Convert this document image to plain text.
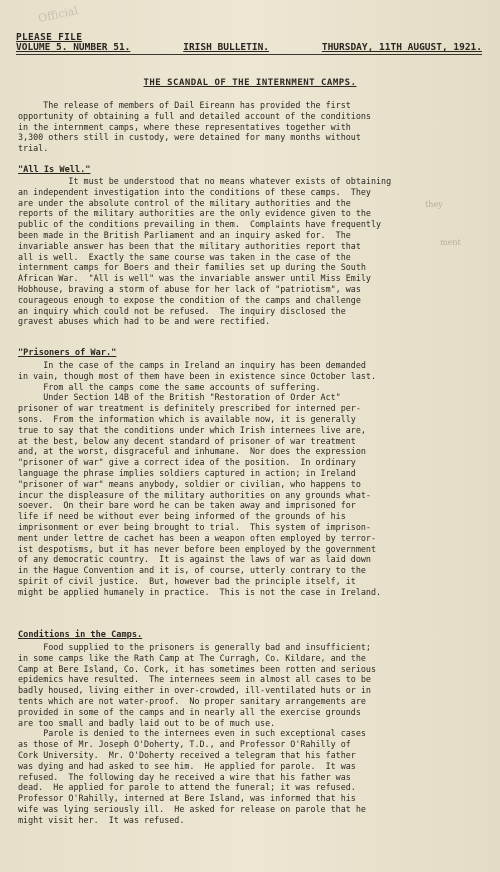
Official
PLEASE FILE
VOLUME 5. NUMBER 51.	IRISH BULLETIN.	THURSDAY, 11TH AUGUST, 1921.
THE SCANDAL OF THE INTERNMENT CAMPS.
The release of members of Dail Eireann has provided the first
opportunity of obtaining a full and detailed account of the conditions
in the internment camps, where these representatives together with
3,300 others still in custody, were detained for many months without
trial.
"All Is Well."
It must be understood that no means whatever exists of obtaining
an independent investigation into the conditions of these camps.  They
are under the absolute control of the military authorities and the
reports of the military authorities are the only evidence given to the
public of the conditions prevailing in them.  Complaints have frequently
been made in the British Parliament and an inquiry asked for.  The
invariable answer has been that the military authorities report that
all is well.  Exactly the same course was taken in the case of the
internment camps for Boers and their families set up during the South
African War.  "All is well" was the invariable answer until Miss Emily
Hobhouse, braving a storm of abuse for her lack of "patriotism", was
courageous enough to expose the condition of the camps and challenge
an inquiry which could not be refused.  The inquiry disclosed the
gravest abuses which had to be and were rectified.
they
ment
"Prisoners of War."
In the case of the camps in Ireland an inquiry has been demanded
in vain, though most of them have been in existence since October last.
From all the camps come the same accounts of suffering.
Under Section 14B of the British "Restoration of Order Act"
prisoner of war treatment is definitely prescribed for interned per-
sons.  From the information which is available now, it is generally
true to say that the conditions under which Irish internees live are,
at the best, below any decent standard of prisoner of war treatment
and, at the worst, disgraceful and inhumane.  Nor does the expression
"prisoner of war" give a correct idea of the position.  In ordinary
language the phrase implies soldiers captured in action; in Ireland
"prisoner of war" means anybody, soldier or civilian, who happens to
incur the displeasure of the military authorities on any grounds what-
soever.  On their bare word he can be taken away and imprisoned for
life if need be without ever being informed of the grounds of his
imprisonment or ever being brought to trial.  This system of imprison-
ment under lettre de cachet has been a weapon often employed by terror-
ist despotisms, but it has never before been employed by the government
of any democratic country.  It is against the laws of war as laid down
in the Hague Convention and it is, of course, utterly contrary to the
spirit of civil justice.  But, however bad the principle itself, it
might be applied humanely in practice.  This is not the case in Ireland.
Conditions in the Camps.
Food supplied to the prisoners is generally bad and insufficient;
in some camps like the Rath Camp at The Curragh, Co. Kildare, and the
Camp at Bere Island, Co. Cork, it has sometimes been rotten and serious
epidemics have resulted.  The internees seem in almost all cases to be
badly housed, living either in over-crowded, ill-ventilated huts or in
tents which are not water-proof.  No proper sanitary arrangements are
provided in some of the camps and in nearly all the exercise grounds
are too small and badly laid out to be of much use.
Parole is denied to the internees even in such exceptional cases
as those of Mr. Joseph O'Doherty, T.D., and Professor O'Rahilly of
Cork University.  Mr. O'Doherty received a telegram that his father
was dying and had asked to see him.  He applied for parole.  It was
refused.  The following day he received a wire that his father was
dead.  He applied for parole to attend the funeral; it was refused.
Professor O'Rahilly, interned at Bere Island, was informed that his
wife was lying seriously ill.  He asked for release on parole that he
might visit her.  It was refused.
